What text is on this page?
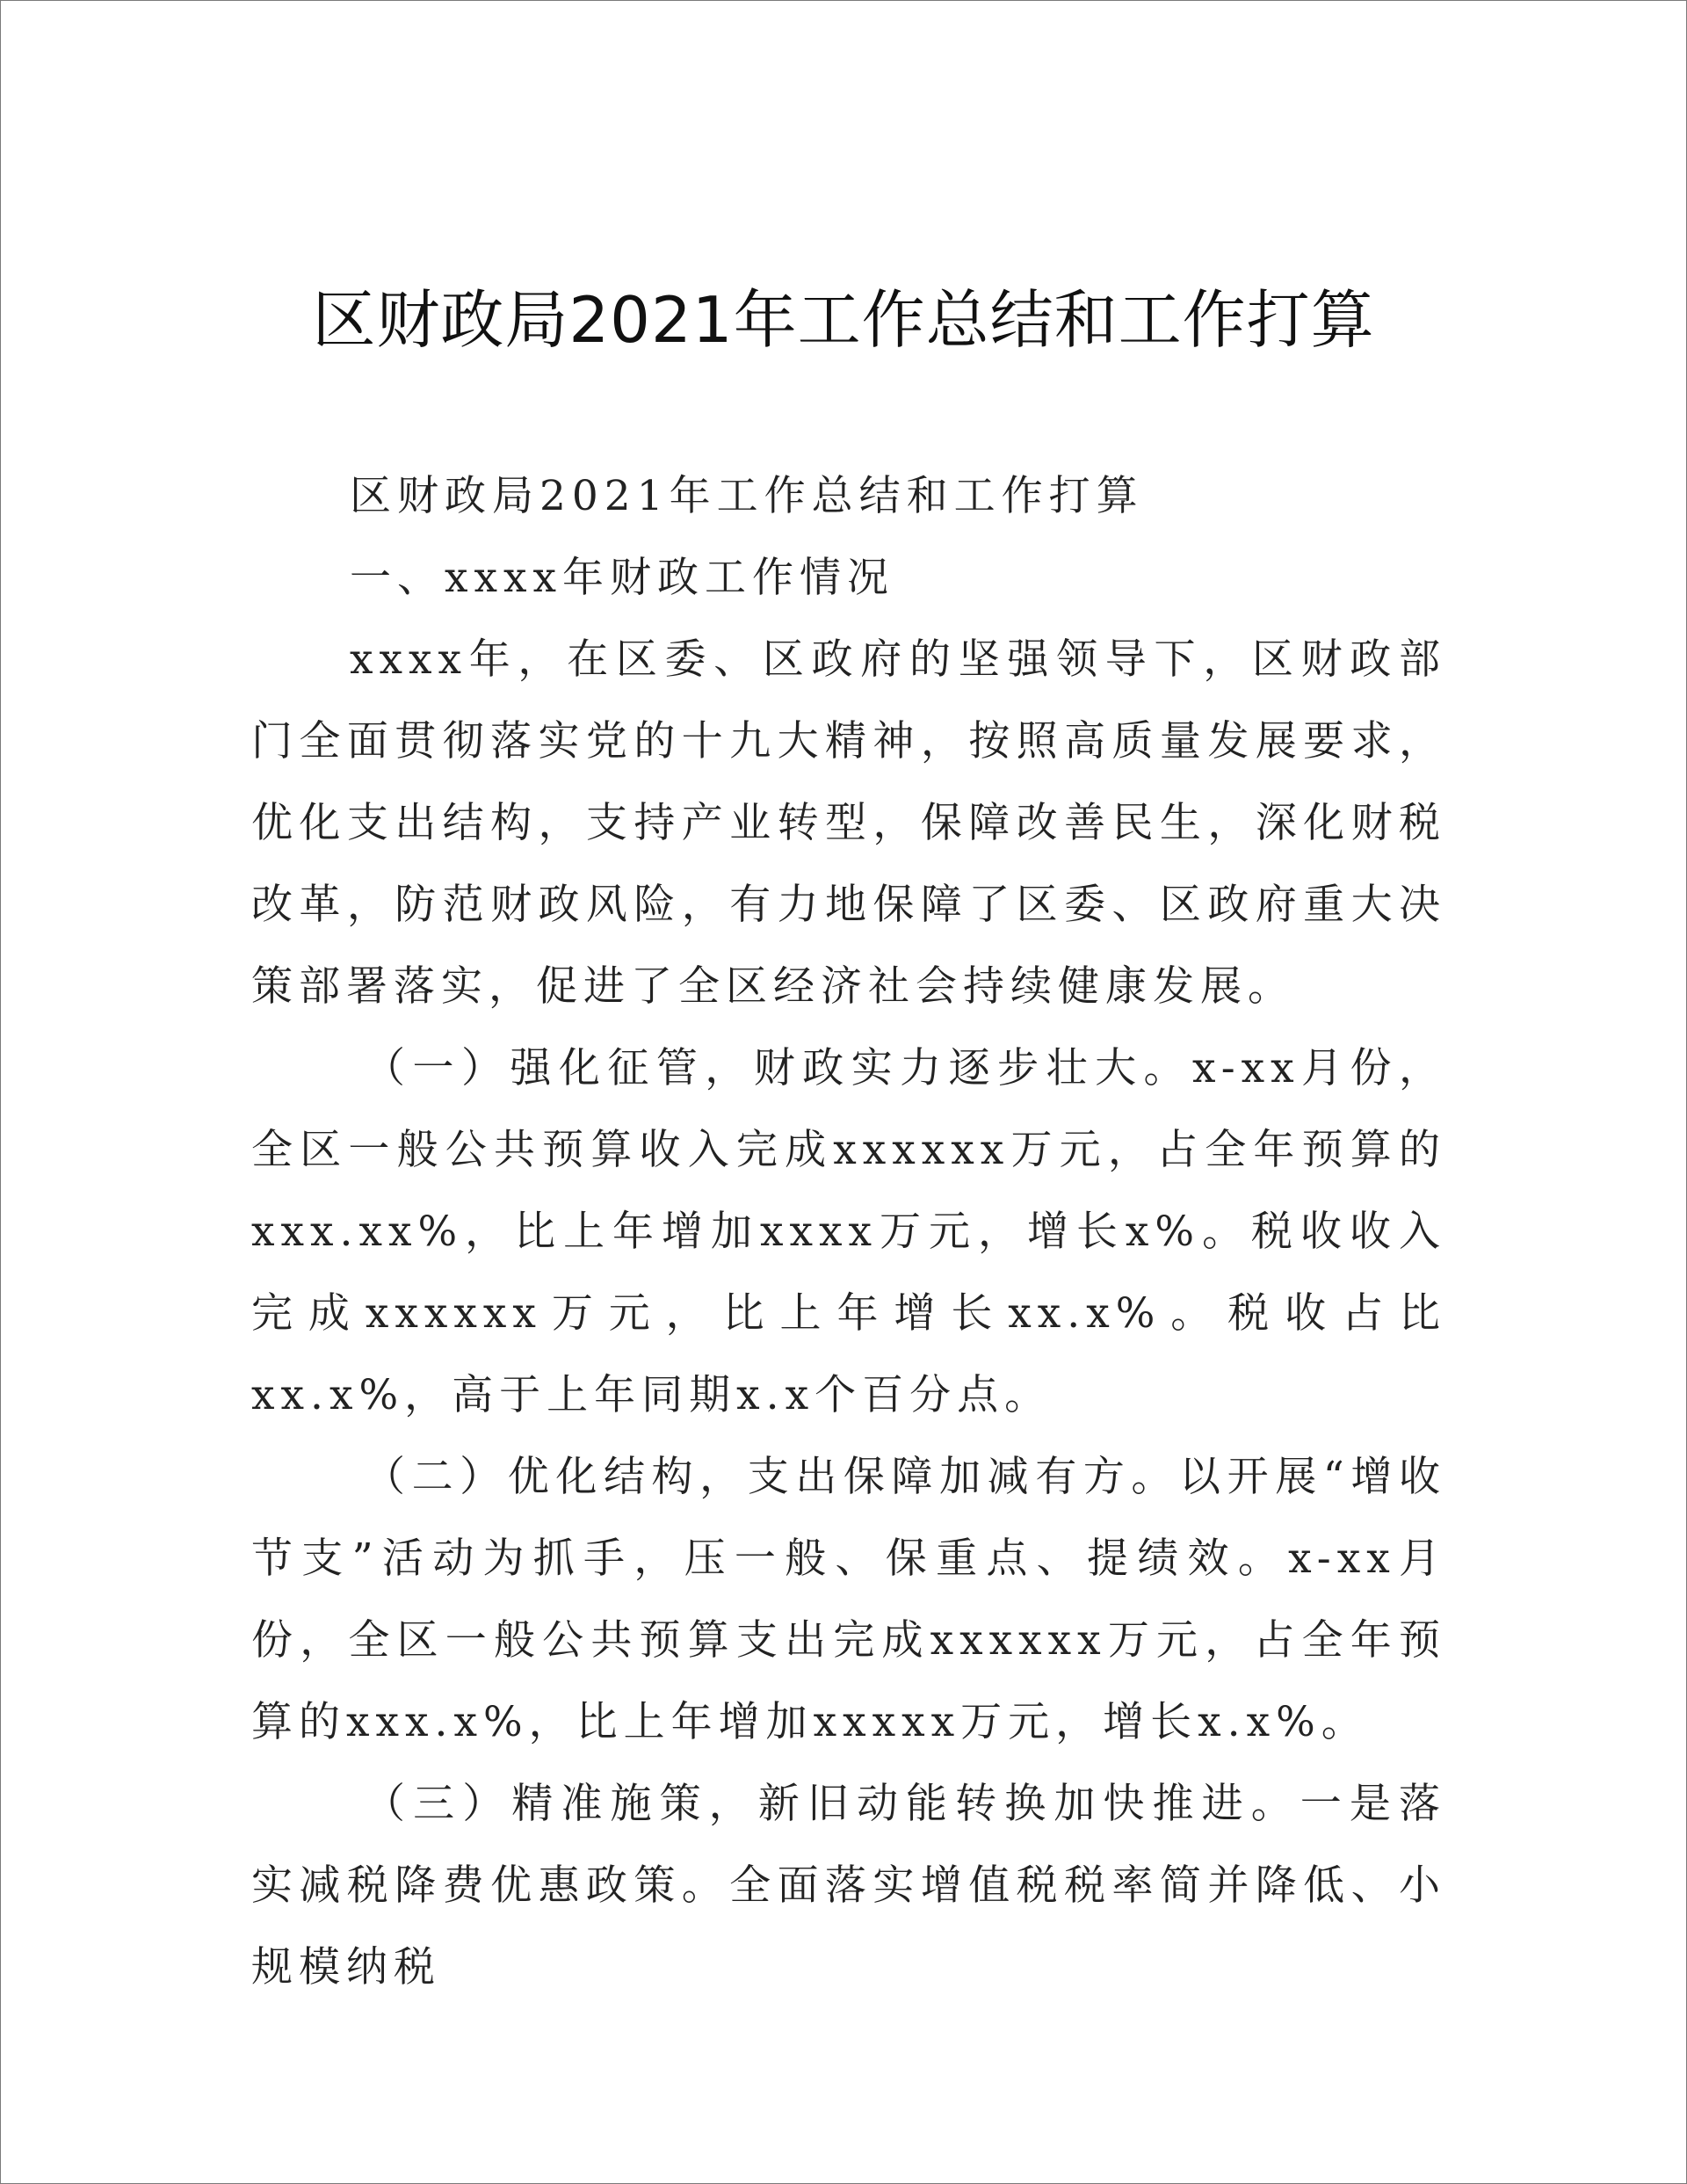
区财政局2021年工作总结和工作打算

区财政局2021年工作总结和工作打算

一、xxxx年财政工作情况

xxxx年，在区委、区政府的坚强领导下，区财政部门全面贯彻落实党的十九大精神，按照高质量发展要求，优化支出结构，支持产业转型，保障改善民生，深化财税改革，防范财政风险，有力地保障了区委、区政府重大决策部署落实，促进了全区经济社会持续健康发展。

（一）强化征管，财政实力逐步壮大。x-xx月份，全区一般公共预算收入完成xxxxxx万元，占全年预算的xxx.xx%，比上年增加xxxx万元，增长x%。税收收入完成xxxxxx万元，比上年增长xx.x%。税收占比xx.x%，高于上年同期x.x个百分点。

（二）优化结构，支出保障加减有方。以开展“增收节支”活动为抓手，压一般、保重点、提绩效。x-xx月份，全区一般公共预算支出完成xxxxxx万元，占全年预算的xxx.x%，比上年增加xxxxx万元，增长x.x%。

（三）精准施策，新旧动能转换加快推进。一是落实减税降费优惠政策。全面落实增值税税率简并降低、小规模纳税
